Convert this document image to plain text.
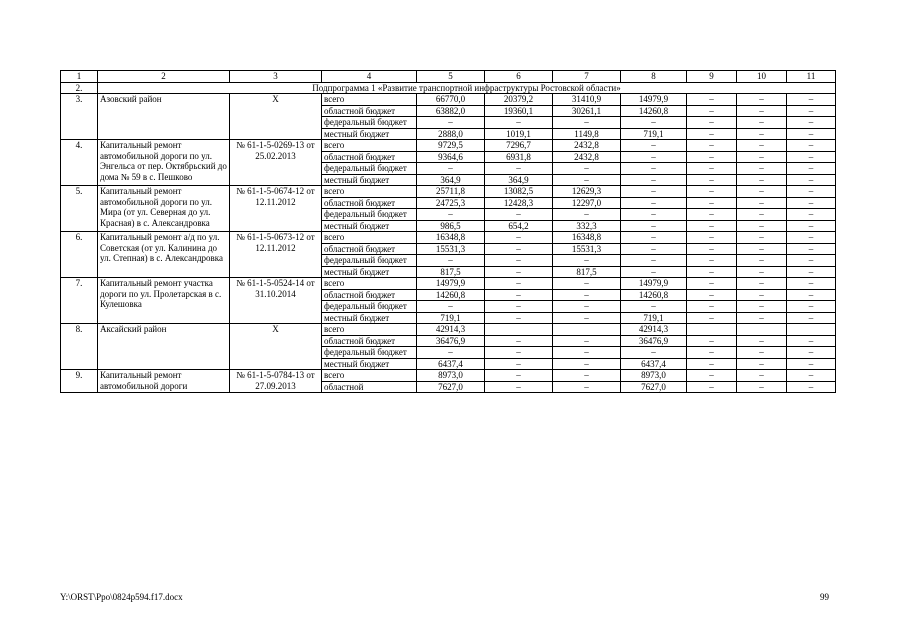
1	2	3	4	5	6	7	8	9	10	11
2.	Подпрограмма 1 «Развитие транспортной инфраструктуры Ростовской области»									
3.	Азовский район	Х	всего	66770,0	20379,2	31410,9	14979,9	–	–	–
			областной бюджет	63882,0	19360,1	30261,1	14260,8	–	–	–
			федеральный бюджет	–	–	–	–	–	–	–
			местный бюджет	2888,0	1019,1	1149,8	719,1	–	–	–
4.	Капитальный ремонт автомобильной дороги по ул. Энгельса от пер. Октябрьский до дома № 59 в с. Пешково	№ 61-1-5-0269-13 от 25.02.2013	всего	9729,5	7296,7	2432,8	–	–	–	–
			областной бюджет	9364,6	6931,8	2432,8	–	–	–	–
			федеральный бюджет	–	–	–	–	–	–	–
			местный бюджет	364,9	364,9	–	–	–	–	–
5.	Капитальный ремонт автомобильной дороги по ул. Мира (от ул. Северная до ул. Красная) в с. Александровка	№ 61-1-5-0674-12 от 12.11.2012	всего	25711,8	13082,5	12629,3	–	–	–	–
			областной бюджет	24725,3	12428,3	12297,0	–	–	–	–
			федеральный бюджет	–	–	–	–	–	–	–
			местный бюджет	986,5	654,2	332,3	–	–	–	–
6.	Капитальный ремонт а/д по ул. Советская (от ул. Калинина до ул. Степная) в с. Александровка	№ 61-1-5-0673-12 от 12.11.2012	всего	16348,8	–	16348,8	–	–	–	–
			областной бюджет	15531,3	–	15531,3	–	–	–	–
			федеральный бюджет	–	–	–	–	–	–	–
			местный бюджет	817,5	–	817,5	–	–	–	–
7.	Капитальный ремонт участка дороги по ул. Пролетарская в с. Кулешовка	№ 61-1-5-0524-14 от 31.10.2014	всего	14979,9	–	–	14979,9	–	–	–
			областной бюджет	14260,8	–	–	14260,8	–	–	–
			федеральный бюджет	–	–	–	–	–	–	–
			местный бюджет	719,1	–	–	719,1	–	–	–
8.	Аксайский район	Х	всего	42914,3			42914,3			
			областной бюджет	36476,9	–	–	36476,9	–	–	–
			федеральный бюджет	–	–	–	–	–	–	–
			местный бюджет	6437,4	–	–	6437,4	–	–	–
9.	Капитальный ремонт автомобильной дороги	№ 61-1-5-0784-13 от 27.09.2013	всего	8973,0	–	–	8973,0	–	–	–
			областной	7627,0	–	–	7627,0	–	–	–
Y:\ORST\Ppo\0824p594.f17.docx	99
